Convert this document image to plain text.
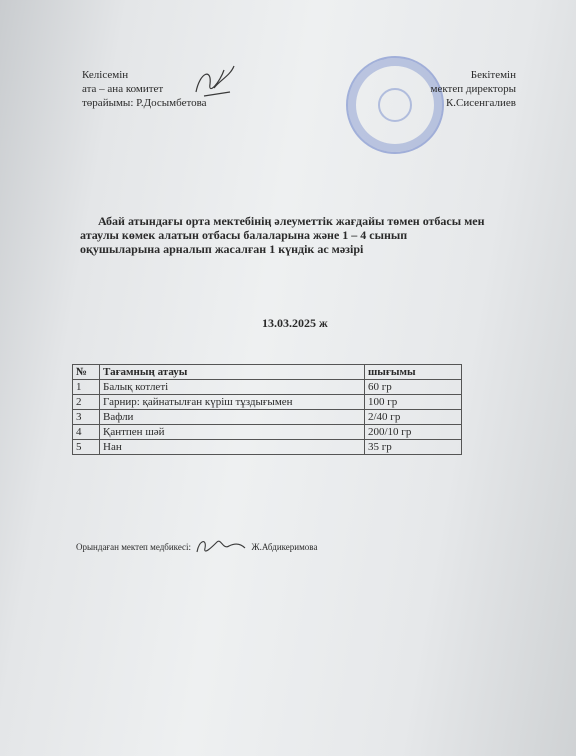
Келісемін
ата – ана комитет
төрайымы: Р.Досымбетова
Бекітемін
мектеп директоры
К.Сисенгалиев
Абай атындағы орта мектебінің әлеуметтік жағдайы төмен отбасы мен
атаулы көмек алатын отбасы балаларына және 1 – 4 сынып
оқушыларына арналып жасалған 1 күндік ас мәзірі
13.03.2025 ж
№	Тағамның атауы	шығымы
1	Балық котлеті	60 гр
2	Гарнир: қайнатылған күріш тұздығымен	100 гр
3	Вафли	2/40 гр
4	Қантпен шәй	200/10 гр
5	Нан	35 гр
Орындаған мектеп медбикесі:	Ж.Абдикеримова
